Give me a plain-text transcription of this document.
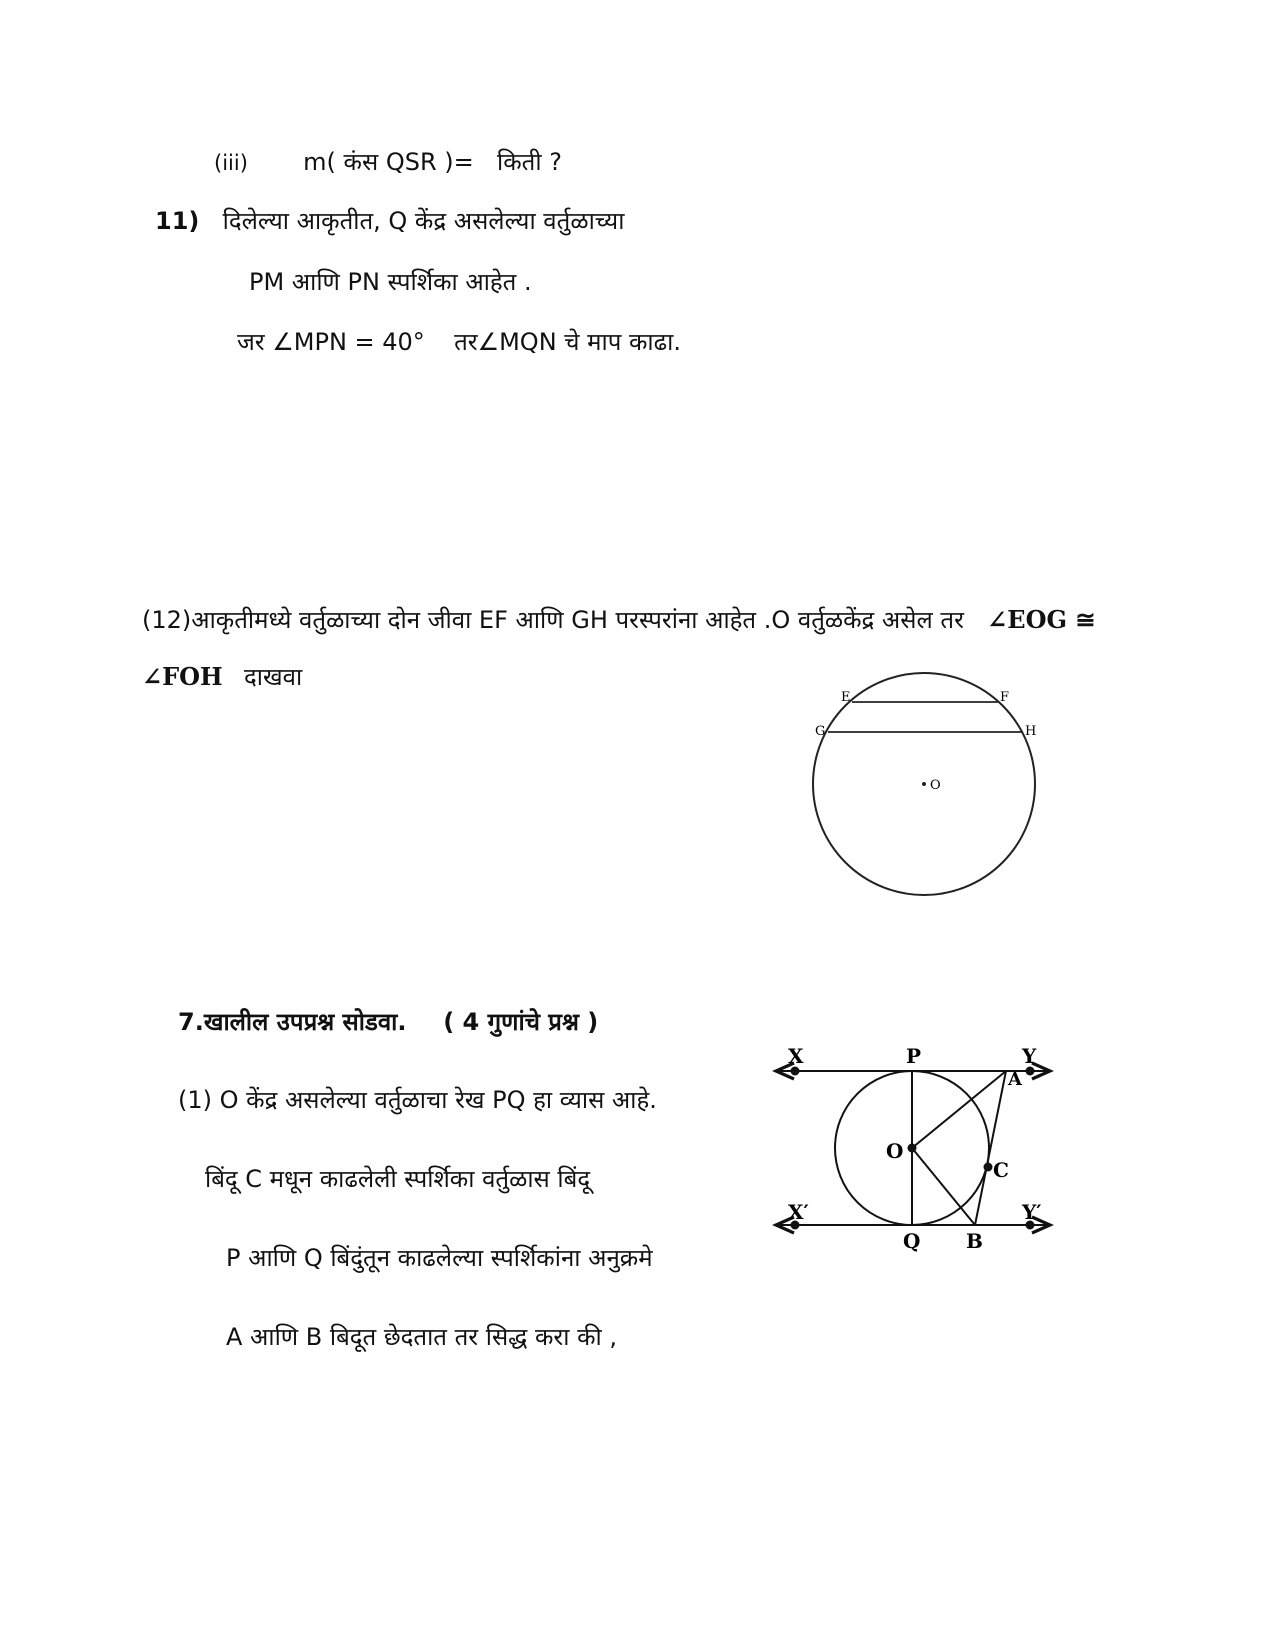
(iii) m( कंस QSR )= किती ?
11) दिलेल्या आकृतीत, Q केंद्र असलेल्या वर्तुळाच्या
PM आणि PN स्पर्शिका आहेत .
जर ∠MPN = 40° तर∠MQN चे माप काढा.
(12)आकृतीमध्ये वर्तुळाच्या दोन जीवा EF आणि GH परस्परांना आहेत .O वर्तुळकेंद्र असेल तर ∠EOG ≅
∠FOH दाखवा
E	F
G	H
O
7.खालील उपप्रश्न सोडवा. ( 4 गुणांचे प्रश्न )
(1) O केंद्र असलेल्या वर्तुळाचा रेख PQ हा व्यास आहे.
बिंदू C मधून काढलेली स्पर्शिका वर्तुळास बिंदू
P आणि Q बिंदुंतून काढलेल्या स्पर्शिकांना अनुक्रमे
A आणि B बिदूत छेदतात तर सिद्ध करा की ,
X	P	Y
A
O
C
X′
Q B
Y′
